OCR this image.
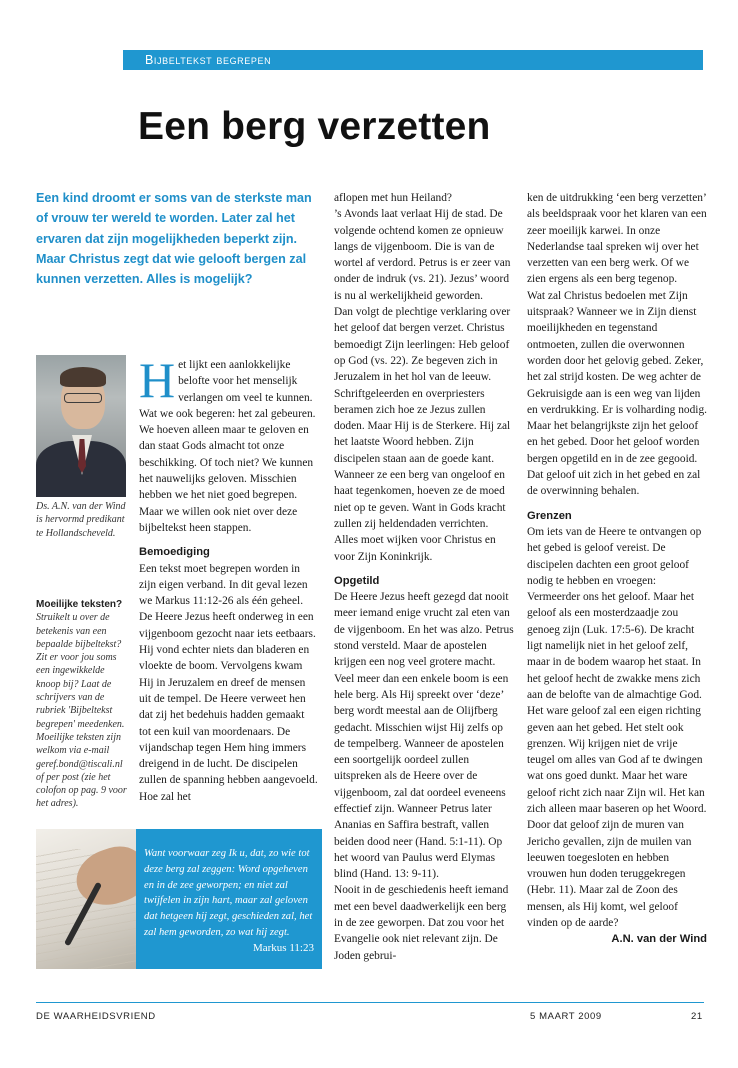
Bijbeltekst begrepen
Een berg verzetten
Een kind droomt er soms van de sterkste man of vrouw ter wereld te worden. Later zal het ervaren dat zijn mogelijkheden beperkt zijn. Maar Christus zegt dat wie gelooft bergen zal kunnen verzetten. Alles is mogelijk?
Ds. A.N. van der Wind is hervormd predikant te Hollandscheveld.
Moeilijke teksten?
Struikelt u over de betekenis van een bepaalde bijbeltekst? Zit er voor jou soms een ingewikkelde knoop bij? Laat de schrijvers van de rubriek 'Bijbeltekst begrepen' meedenken. Moeilijke teksten zijn welkom via e-mail geref.bond@tiscali.nl of per post (zie het colofon op pag. 9 voor het adres).

H et lijkt een aanlokkelijke belofte voor het menselijk verlangen om veel te kunnen. Wat we ook begeren: het zal gebeuren. We hoeven alleen maar te geloven en dan staat Gods almacht tot onze beschikking. Of toch niet? We kunnen het nauwelijks geloven. Misschien hebben we het niet goed begrepen. Maar we willen ook niet over deze bijbeltekst heen stappen.

Bemoediging

Een tekst moet begrepen worden in zijn eigen verband. In dit geval lezen we Markus 11:12-26 als één geheel. De Heere Jezus heeft onderweg in een vijgenboom gezocht naar iets eetbaars. Hij vond echter niets dan bladeren en vloekte de boom. Vervolgens kwam Hij in Jeruzalem en dreef de mensen uit de tempel. De Heere verweet hen dat zij het bedehuis hadden gemaakt tot een kuil van moordenaars. De vijandschap tegen Hem hing immers dreigend in de lucht. De discipelen zullen de spanning hebben aangevoeld. Hoe zal het

aflopen met hun Heiland?

’s Avonds laat verlaat Hij de stad. De volgende ochtend komen ze opnieuw langs de vijgenboom. Die is van de wortel af verdord. Petrus is er zeer van onder de indruk (vs. 21). Jezus’ woord is nu al werkelijkheid geworden.

Dan volgt de plechtige verklaring over het geloof dat bergen verzet. Christus bemoedigt Zijn leerlingen: Heb geloof op God (vs. 22). Ze begeven zich in Jeruzalem in het hol van de leeuw. Schriftgeleerden en overpriesters beramen zich hoe ze Jezus zullen doden. Maar Hij is de Sterkere. Hij zal het laatste Woord hebben. Zijn discipelen staan aan de goede kant. Wanneer ze een berg van ongeloof en haat tegenkomen, hoeven ze de moed niet op te geven. Want in Gods kracht zullen zij heldendaden verrichten. Alles moet wijken voor Christus en voor Zijn Koninkrijk.

Opgetild

De Heere Jezus heeft gezegd dat nooit meer iemand enige vrucht zal eten van de vijgenboom. En het was alzo. Petrus stond versteld. Maar de apostelen krijgen een nog veel grotere macht. Veel meer dan een enkele boom is een hele berg. Als Hij spreekt over ‘deze’ berg wordt meestal aan de Olijfberg gedacht. Misschien wijst Hij zelfs op de tempelberg. Wanneer de apostelen een soortgelijk oordeel zullen uitspreken als de Heere over de vijgenboom, zal dat oordeel eveneens effectief zijn. Wanneer Petrus later Ananias en Saffira bestraft, vallen beiden dood neer (Hand. 5:1-11). Op het woord van Paulus werd Elymas blind (Hand. 13: 9-11).

Nooit in de geschiedenis heeft iemand met een bevel daadwerkelijk een berg in de zee geworpen. Dat zou voor het Evangelie ook niet relevant zijn. De Joden gebrui-

ken de uitdrukking ‘een berg verzetten’ als beeldspraak voor het klaren van een zeer moeilijk karwei. In onze Nederlandse taal spreken wij over het verzetten van een berg werk. Of we zien ergens als een berg tegenop.

Wat zal Christus bedoelen met Zijn uitspraak? Wanneer we in Zijn dienst moeilijkheden en tegenstand ontmoeten, zullen die overwonnen worden door het gelovig gebed. Zeker, het zal strijd kosten. De weg achter de Gekruisigde aan is een weg van lijden en verdrukking. Er is volharding nodig. Maar het belangrijkste zijn het geloof en het gebed. Door het geloof worden bergen opgetild en in de zee gegooid. Dat geloof uit zich in het gebed en zal de overwinning behalen.

Grenzen

Om iets van de Heere te ontvangen op het gebed is geloof vereist. De discipelen dachten een groot geloof nodig te hebben en vroegen: Vermeerder ons het geloof. Maar het geloof als een mosterdzaadje zou genoeg zijn (Luk. 17:5-6). De kracht ligt namelijk niet in het geloof zelf, maar in de bodem waarop het staat. In het geloof hecht de zwakke mens zich aan de belofte van de almachtige God. Het ware geloof zal een eigen richting geven aan het gebed. Het stelt ook grenzen. Wij krijgen niet de vrije teugel om alles van God af te dwingen wat ons goed dunkt. Maar het ware geloof richt zich naar Zijn wil. Het kan zich alleen maar baseren op het Woord. Door dat geloof zijn de muren van Jericho gevallen, zijn de muilen van leeuwen toegesloten en hebben vrouwen hun doden teruggekregen (Hebr. 11). Maar zal de Zoon des mensen, als Hij komt, wel geloof vinden op de aarde?

A.N. van der Wind

Want voorwaar zeg Ik u, dat, zo wie tot deze berg zal zeggen: Word opgeheven en in de zee geworpen; en niet zal twijfelen in zijn hart, maar zal geloven dat hetgeen hij zegt, geschieden zal, het zal hem geworden, zo wat hij zegt.
Markus 11:23
DE WAARHEIDSVRIEND	5 MAART 2009	21
